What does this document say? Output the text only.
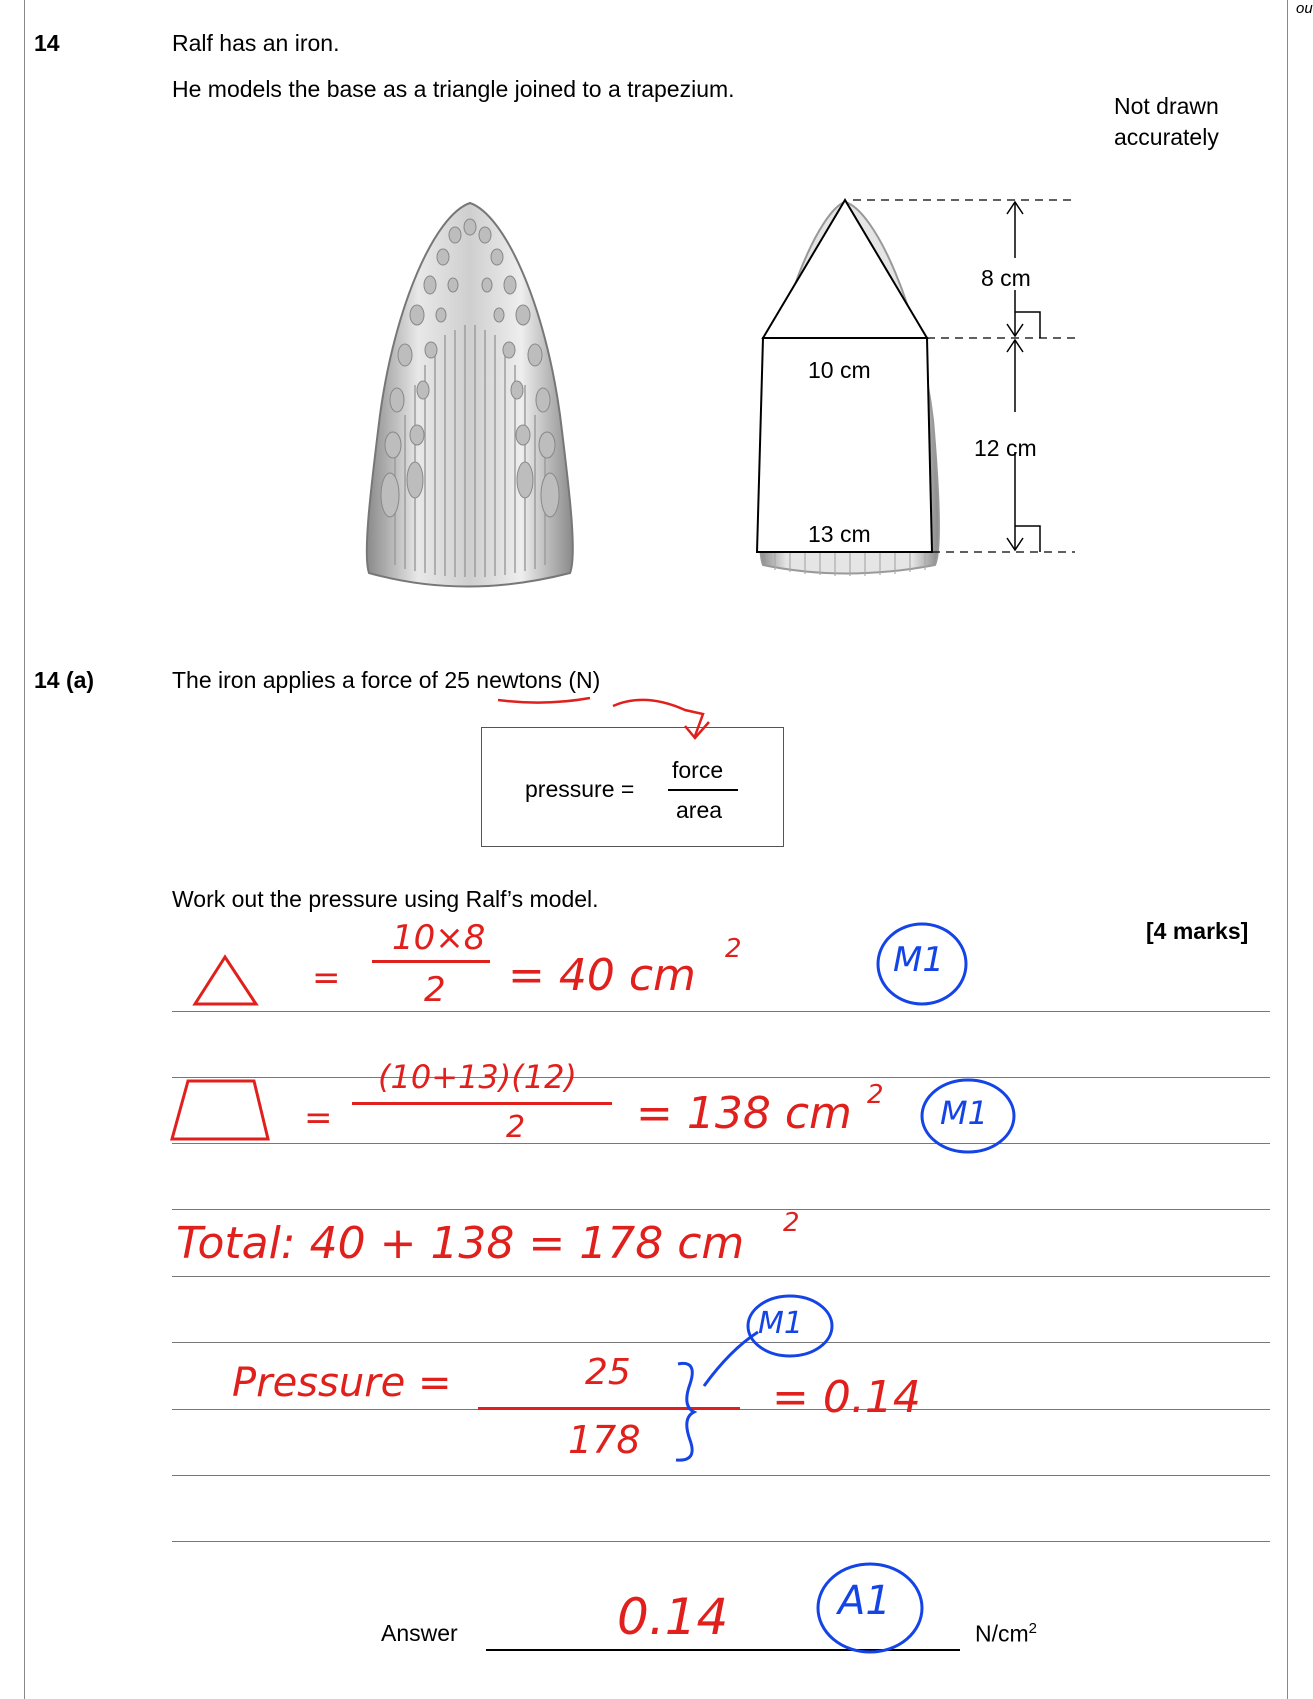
ou
14	Ralf has an iron.
He models the base as a triangle joined to a trapezium.
Not drawn
accurately
8 cm
12 cm
10 cm
13 cm
14 (a)	The iron applies a force of 25 newtons (N)
pressure =
force
area
Work out the pressure using Ralf’s model.
[4 marks]
=
10×8
2 = 40 cm
2	M1
=
(10+13)(12)
2	= 138 cm 2 M1
Total: 40 + 138 = 178 cm 2
Pressure =	25
178
= 0.14
M1
Answer	0.14	A1
$N/cm^2$
